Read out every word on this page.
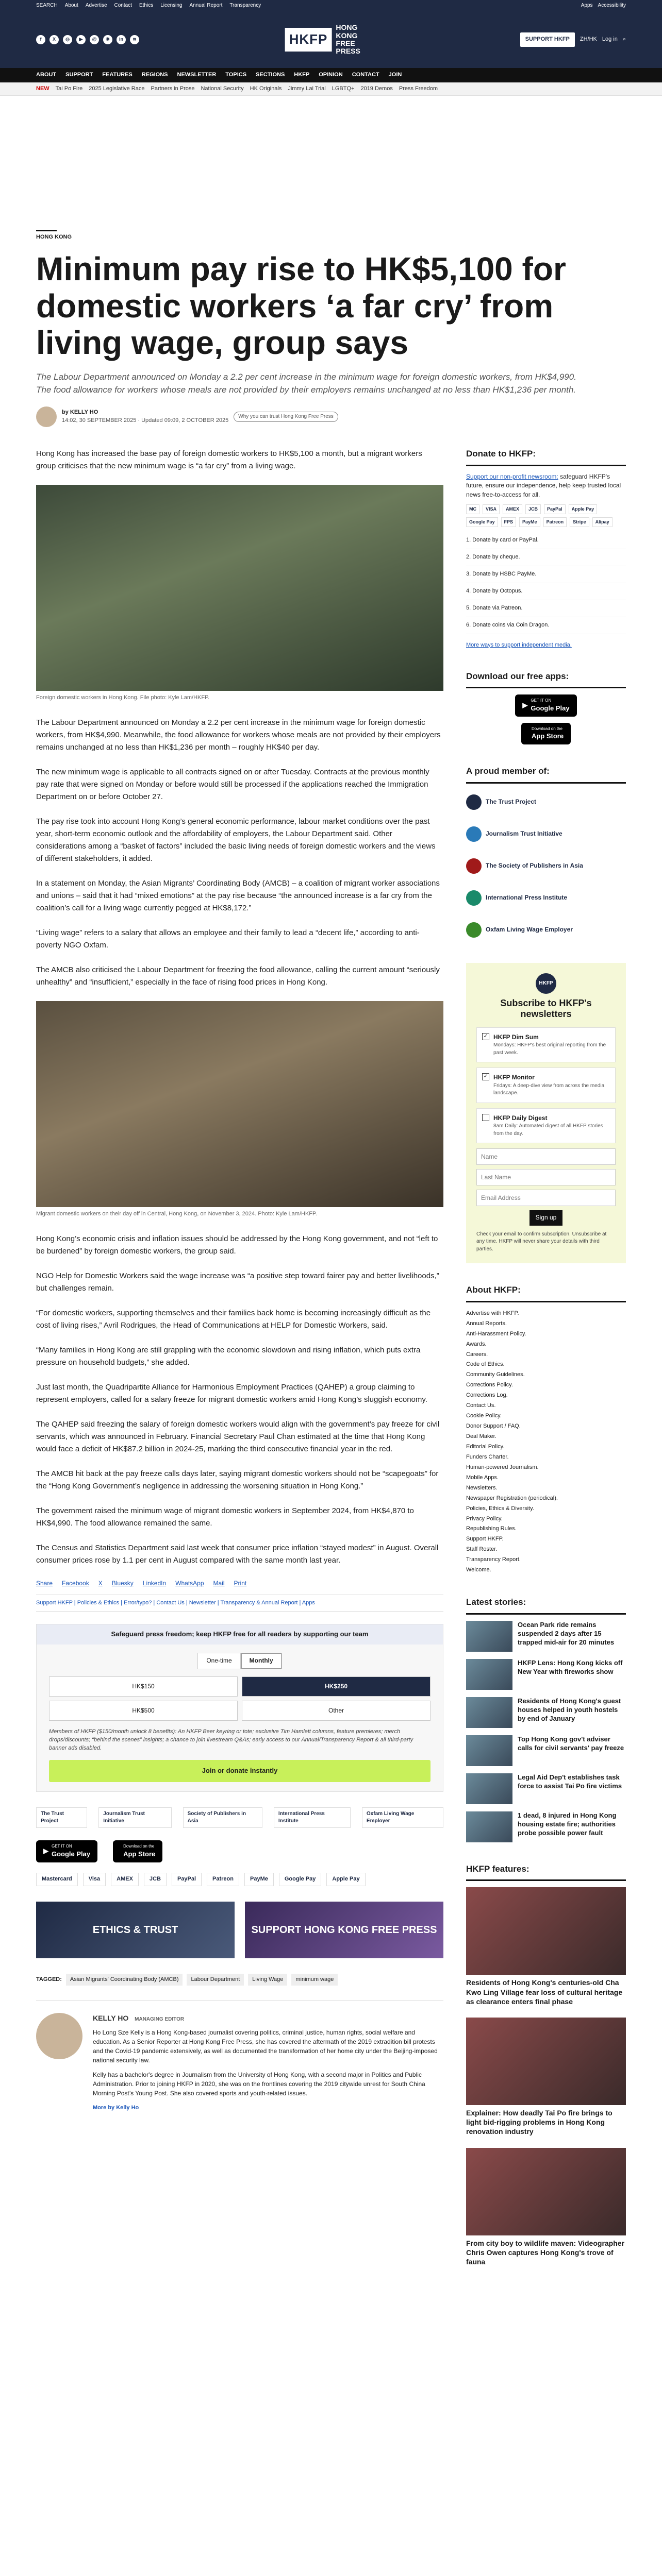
SEARCH About Advertise Contact Ethics Licensing Annual Report Transparency	Apps Accessibility
f	X	◎	▶	@	❋	in	≋	HKFP
HONG KONG FREE PRESS
SUPPORT HKFP	ZH/HK Log in ⌕
ABOUT SUPPORT FEATURES REGIONS NEWSLETTER TOPICS SECTIONS HKFP OPINION CONTACT JOIN
NEW Tai Po Fire 2025 Legislative Race Partners in Prose National Security HK Originals Jimmy Lai Trial LGBTQ+ 2019 Demos Press Freedom
HONG KONG
Minimum pay rise to HK$5,100 for domestic workers ‘a far cry’ from living wage, group says
The Labour Department announced on Monday a 2.2 per cent increase in the minimum wage for foreign domestic workers, from HK$4,990. The food allowance for workers whose meals are not provided by their employers remains unchanged at no less than HK$1,236 per month.
by KELLY HO
14:02, 30 SEPTEMBER 2025 · Updated 09:09, 2 OCTOBER 2025
Why you can trust Hong Kong Free Press

Hong Kong has increased the base pay of foreign domestic workers to HK$5,100 a month, but a migrant workers group criticises that the new minimum wage is “a far cry” from a living wage.

Foreign domestic workers in Hong Kong. File photo: Kyle Lam/HKFP.

The Labour Department announced on Monday a 2.2 per cent increase in the minimum wage for foreign domestic workers, from HK$4,990. Meanwhile, the food allowance for workers whose meals are not provided by their employers remains unchanged at no less than HK$1,236 per month – roughly HK$40 per day.

The new minimum wage is applicable to all contracts signed on or after Tuesday. Contracts at the previous monthly pay rate that were signed on Monday or before would still be processed if the applications reached the Immigration Department on or before October 27.

The pay rise took into account Hong Kong’s general economic performance, labour market conditions over the past year, short-term economic outlook and the affordability of employers, the Labour Department said. Other considerations among a “basket of factors” included the basic living needs of foreign domestic workers and the views of different stakeholders, it added.

In a statement on Monday, the Asian Migrants’ Coordinating Body (AMCB) – a coalition of migrant worker associations and unions – said that it had “mixed emotions” at the pay rise because “the announced increase is a far cry from the coalition’s call for a living wage currently pegged at HK$8,172.”

“Living wage” refers to a salary that allows an employee and their family to lead a “decent life,” according to anti-poverty NGO Oxfam.

The AMCB also criticised the Labour Department for freezing the food allowance, calling the current amount “seriously unhealthy” and “insufficient,” especially in the face of rising food prices in Hong Kong.

Migrant domestic workers on their day off in Central, Hong Kong, on November 3, 2024. Photo: Kyle Lam/HKFP.

Hong Kong’s economic crisis and inflation issues should be addressed by the Hong Kong government, and not “left to be burdened” by foreign domestic workers, the group said.

NGO Help for Domestic Workers said the wage increase was “a positive step toward fairer pay and better livelihoods,” but challenges remain.

“For domestic workers, supporting themselves and their families back home is becoming increasingly difficult as the cost of living rises,” Avril Rodrigues, the Head of Communications at HELP for Domestic Workers, said.

“Many families in Hong Kong are still grappling with the economic slowdown and rising inflation, which puts extra pressure on household budgets,” she added.

Just last month, the Quadripartite Alliance for Harmonious Employment Practices (QAHEP) a group claiming to represent employers, called for a salary freeze for migrant domestic workers amid Hong Kong’s sluggish economy.

The QAHEP said freezing the salary of foreign domestic workers would align with the government’s pay freeze for civil servants, which was announced in February. Financial Secretary Paul Chan estimated at the time that Hong Kong would face a deficit of HK$87.2 billion in 2024-25, marking the third consecutive financial year in the red.

The AMCB hit back at the pay freeze calls days later, saying migrant domestic workers should not be “scapegoats” for the “Hong Kong Government’s negligence in addressing the worsening situation in Hong Kong.”

The government raised the minimum wage of migrant domestic workers in September 2024, from HK$4,870 to HK$4,990. The food allowance remained the same.

The Census and Statistics Department said last week that consumer price inflation “stayed modest” in August. Overall consumer prices rose by 1.1 per cent in August compared with the same month last year.

Share Facebook X Bluesky LinkedIn WhatsApp Mail Print
Support HKFP | Policies & Ethics | Error/typo? | Contact Us | Newsletter | Transparency & Annual Report | Apps
Safeguard press freedom; keep HKFP free for all readers by supporting our team
One-time	Monthly
HK$150	HK$250
HK$500	Other
Members of HKFP ($150/month unlock 8 benefits): An HKFP Beer keyring or tote; exclusive Tim Hamlett columns, feature premieres; merch drops/discounts; “behind the scenes” insights; a chance to join livestream Q&As; early access to our Annual/Transparency Report & all third-party banner ads disabled.
Join or donate instantly
The Trust Project
Journalism Trust Initiative
Society of Publishers in Asia
International Press Institute
Oxfam Living Wage Employer
▶
GET IT ON
Google Play
Download on the
App Store
Mastercard	Visa	AMEX	JCB	PayPal	Patreon	PayMe	Google Pay	Apple Pay
ETHICS & TRUST	SUPPORT HONG KONG FREE PRESS
TAGGED:	Asian Migrants' Coordinating Body (AMCB)	Labour Department	Living Wage	minimum wage
KELLY HO MANAGING EDITOR

Ho Long Sze Kelly is a Hong Kong-based journalist covering politics, criminal justice, human rights, social welfare and education. As a Senior Reporter at Hong Kong Free Press, she has covered the aftermath of the 2019 extradition bill protests and the Covid-19 pandemic extensively, as well as documented the transformation of her home city under the Beijing-imposed national security law.

Kelly has a bachelor's degree in Journalism from the University of Hong Kong, with a second major in Politics and Public Administration. Prior to joining HKFP in 2020, she was on the frontlines covering the 2019 citywide unrest for South China Morning Post’s Young Post. She also covered sports and youth-related issues.

More by Kelly Ho
Donate to HKFP:
Support our non-profit newsroom: safeguard HKFP's future, ensure our independence, help keep trusted local news free-to-access for all.
MC	VISA	AMEX	JCB	PayPal	Apple Pay
Google Pay	FPS	PayMe	Patreon	Stripe	Alipay
1. Donate by card or PayPal.
2. Donate by cheque.
3. Donate by HSBC PayMe.
4. Donate by Octopus.
5. Donate via Patreon.
6. Donate coins via Coin Dragon.
More ways to support independent media.
Download our free apps:
▶
GET IT ON
Google Play
Download on the
App Store
A proud member of:
The Trust Project
Journalism Trust Initiative
The Society of Publishers in Asia
International Press Institute
Oxfam Living Wage Employer
HKFP
Subscribe to HKFP's newsletters
✓ HKFP Dim Sum
Mondays: HKFP's best original reporting from the past week.
✓ HKFP Monitor
Fridays: A deep-dive view from across the media landscape.
HKFP Daily Digest
8am Daily: Automated digest of all HKFP stories from the day.
Name Last Name Email Address Sign up
Check your email to confirm subscription. Unsubscribe at any time. HKFP will never share your details with third parties.
About HKFP:
Advertise with HKFP.
Annual Reports.
Anti-Harassment Policy.
Awards.
Careers.
Code of Ethics.
Community Guidelines.
Corrections Policy.
Corrections Log.
Contact Us.
Cookie Policy.
Donor Support / FAQ.
Deal Maker.
Editorial Policy.
Funders Charter.
Human-powered Journalism.
Mobile Apps.
Newsletters.
Newspaper Registration (periodical).
Policies, Ethics & Diversity.
Privacy Policy.
Republishing Rules.
Support HKFP.
Staff Roster.
Transparency Report.
Welcome.
Latest stories:
Ocean Park ride remains suspended 2 days after 15 trapped mid-air for 20 minutes
HKFP Lens: Hong Kong kicks off New Year with fireworks show
Residents of Hong Kong's guest houses helped in youth hostels by end of January
Top Hong Kong gov't adviser calls for civil servants' pay freeze
Legal Aid Dep't establishes task force to assist Tai Po fire victims
1 dead, 8 injured in Hong Kong housing estate fire; authorities probe possible power fault
HKFP features:
Residents of Hong Kong's centuries-old Cha Kwo Ling Village fear loss of cultural heritage as clearance enters final phase
Explainer: How deadly Tai Po fire brings to light bid-rigging problems in Hong Kong renovation industry
From city boy to wildlife maven: Videographer Chris Owen captures Hong Kong's trove of fauna
